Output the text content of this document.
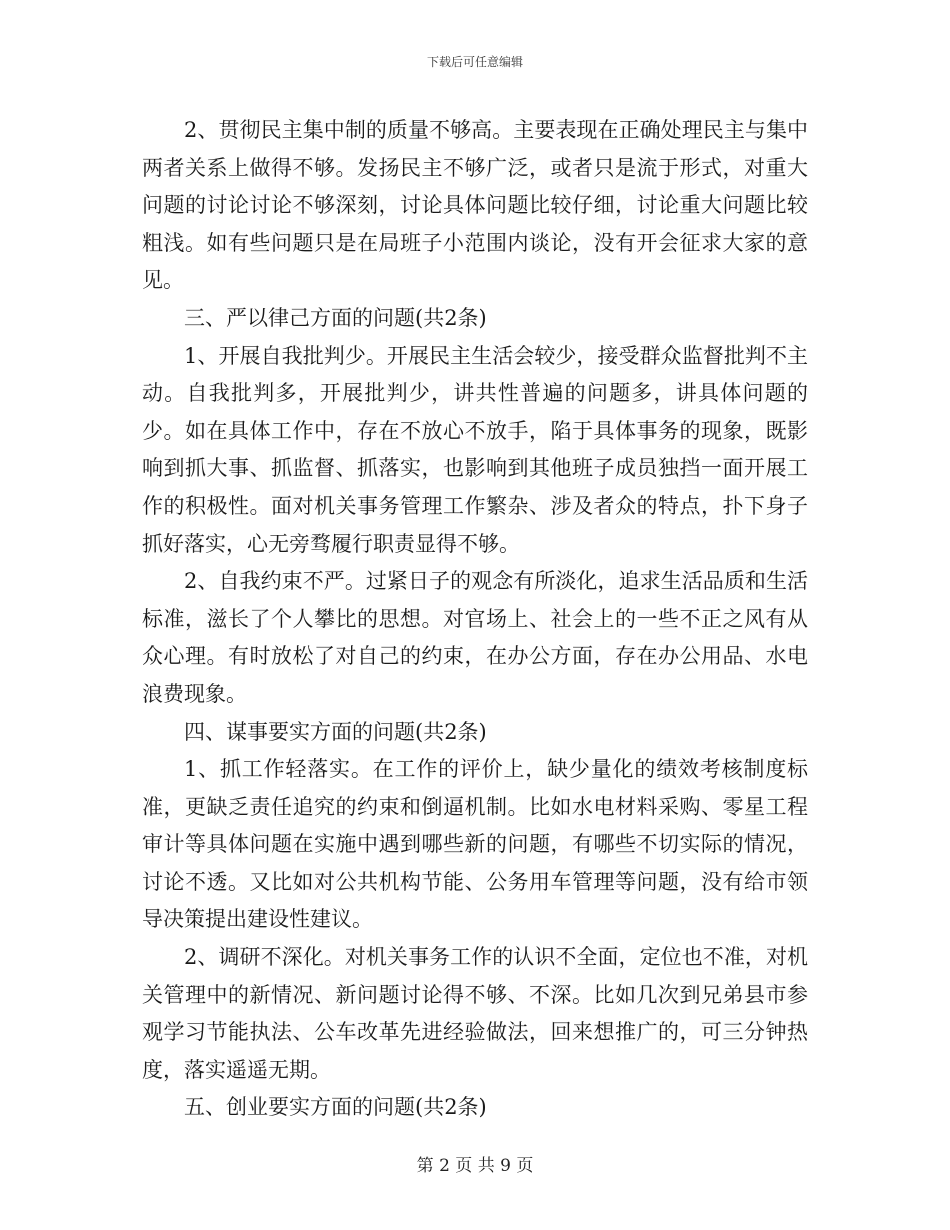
下载后可任意编辑

2、贯彻民主集中制的质量不够高。主要表现在正确处理民主与集中两者关系上做得不够。发扬民主不够广泛，或者只是流于形式，对重大问题的讨论讨论不够深刻，讨论具体问题比较仔细，讨论重大问题比较粗浅。如有些问题只是在局班子小范围内谈论，没有开会征求大家的意见。

三、严以律己方面的问题(共2条)

1、开展自我批判少。开展民主生活会较少，接受群众监督批判不主动。自我批判多，开展批判少，讲共性普遍的问题多，讲具体问题的少。如在具体工作中，存在不放心不放手，陷于具体事务的现象，既影响到抓大事、抓监督、抓落实，也影响到其他班子成员独挡一面开展工作的积极性。面对机关事务管理工作繁杂、涉及者众的特点，扑下身子抓好落实，心无旁骛履行职责显得不够。

2、自我约束不严。过紧日子的观念有所淡化，追求生活品质和生活标准，滋长了个人攀比的思想。对官场上、社会上的一些不正之风有从众心理。有时放松了对自己的约束，在办公方面，存在办公用品、水电浪费现象。

四、谋事要实方面的问题(共2条)

1、抓工作轻落实。在工作的评价上，缺少量化的绩效考核制度标准，更缺乏责任追究的约束和倒逼机制。比如水电材料采购、零星工程审计等具体问题在实施中遇到哪些新的问题，有哪些不切实际的情况，讨论不透。又比如对公共机构节能、公务用车管理等问题，没有给市领导决策提出建设性建议。

2、调研不深化。对机关事务工作的认识不全面，定位也不准，对机关管理中的新情况、新问题讨论得不够、不深。比如几次到兄弟县市参观学习节能执法、公车改革先进经验做法，回来想推广的，可三分钟热度，落实遥遥无期。

五、创业要实方面的问题(共2条)

第 2 页 共 9 页
